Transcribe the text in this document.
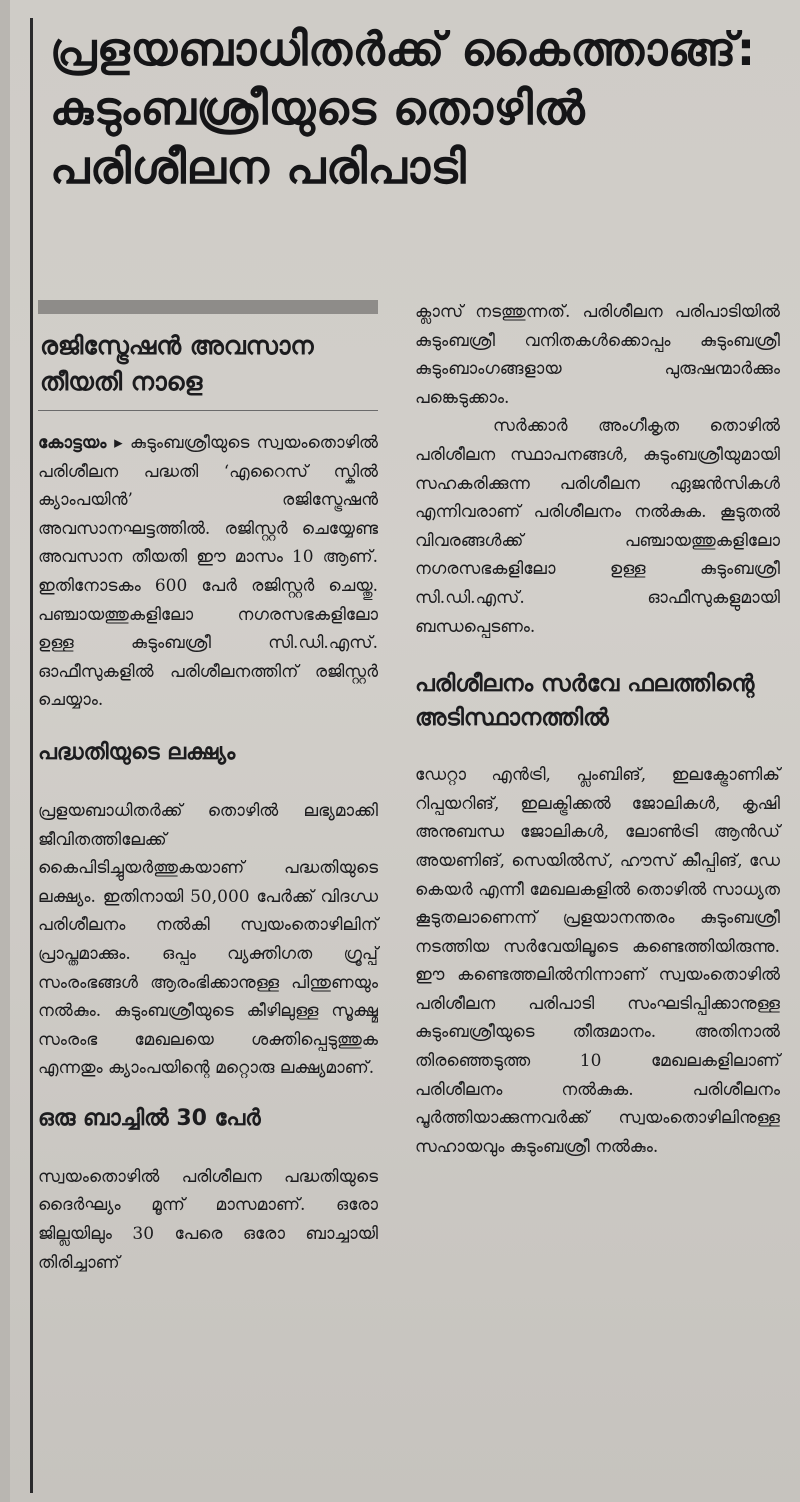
പ്രളയബാധിതർക്ക് കൈത്താങ്ങ്: കുടുംബശ്രീയുടെ തൊഴിൽ പരിശീലന പരിപാടി
രജിസ്ട്രേഷൻ അവസാന തീയതി നാളെ

കോട്ടയം ▸ കുടുംബശ്രീയുടെ സ്വയംതൊഴിൽ പരിശീലന പദ്ധതി ‘എറൈസ് സ്കിൽ ക്യാംപയിൻ’ രജിസ്ട്രേഷൻ അവസാനഘട്ടത്തിൽ. രജിസ്റ്റർ ചെയ്യേണ്ട അവസാന തീയതി ഈ മാസം 10 ആണ്. ഇതിനോടകം 600 പേർ രജിസ്റ്റർ ചെയ്തു. പഞ്ചായത്തുകളിലോ നഗരസഭകളിലോ ഉള്ള കുടുംബശ്രീ സി.ഡി.എസ്. ഓഫീസുകളിൽ പരിശീലനത്തിന് രജിസ്റ്റർ ചെയ്യാം.

പദ്ധതിയുടെ ലക്ഷ്യം

പ്രളയബാധിതർക്ക് തൊഴിൽ ലഭ്യമാക്കി ജീവിതത്തിലേക്ക് കൈപിടിച്ചുയർത്തുകയാണ് പദ്ധതിയുടെ ലക്ഷ്യം. ഇതിനായി 50,000 പേർക്ക് വിദഗ്ധ പരിശീലനം നൽകി സ്വയംതൊഴിലിന് പ്രാപ്തമാക്കും. ഒപ്പം വ്യക്തിഗത ഗ്രൂപ്പ് സംരംഭങ്ങൾ ആരംഭിക്കാനുള്ള പിന്തുണയും നൽകും. കുടുംബശ്രീയുടെ കീഴിലുള്ള സൂക്ഷ്മ സംരംഭ മേഖലയെ ശക്തിപ്പെടുത്തുക എന്നതും ക്യാംപയിന്റെ മറ്റൊരു ലക്ഷ്യമാണ്.

ഒരു ബാച്ചിൽ 30 പേർ

സ്വയംതൊഴിൽ പരിശീലന പദ്ധതിയുടെ ദൈർഘ്യം മൂന്ന് മാസമാണ്. ഒരോ ജില്ലയിലും 30 പേരെ ഒരോ ബാച്ചായി തിരിച്ചാണ്

ക്ലാസ് നടത്തുന്നത്. പരിശീലന പരിപാടിയിൽ കുടുംബശ്രീ വനിതകൾക്കൊപ്പം കുടുംബശ്രീ കുടുംബാംഗങ്ങളായ പുരുഷന്മാർക്കും പങ്കെടുക്കാം.

സർക്കാർ അംഗീകൃത തൊഴിൽ പരിശീലന സ്ഥാപനങ്ങൾ, കുടുംബശ്രീയുമായി സഹകരിക്കുന്ന പരിശീലന ഏജൻസികൾ എന്നിവരാണ് പരിശീലനം നൽകുക. കൂടുതൽ വിവരങ്ങൾക്ക് പഞ്ചായത്തുകളിലോ നഗരസഭകളിലോ ഉള്ള കുടുംബശ്രീ സി.ഡി.എസ്. ഓഫീസുകളുമായി ബന്ധപ്പെടണം.

പരിശീലനം സർവേ ഫലത്തിന്റെ അടിസ്ഥാനത്തിൽ

ഡേറ്റാ എൻട്രി, പ്ലംബിങ്, ഇലക്ട്രോണിക് റിപ്പയറിങ്, ഇലക്ട്രിക്കൽ ജോലികൾ, കൃഷി അനുബന്ധ ജോലികൾ, ലോൺട്രി ആൻഡ് അയണിങ്, സെയിൽസ്, ഹൗസ് കീപ്പിങ്, ഡേ കെയർ എന്നീ മേഖലകളിൽ തൊഴിൽ സാധ്യത കൂടുതലാണെന്ന് പ്രളയാനന്തരം കുടുംബശ്രീ നടത്തിയ സർവേയിലൂടെ കണ്ടെത്തിയിരുന്നു. ഈ കണ്ടെത്തലിൽനിന്നാണ് സ്വയംതൊഴിൽ പരിശീലന പരിപാടി സംഘടിപ്പിക്കാനുള്ള കുടുംബശ്രീയുടെ തീരുമാനം. അതിനാൽ തിരഞ്ഞെടുത്ത 10 മേഖലകളിലാണ് പരിശീലനം നൽകുക. പരിശീലനം പൂർത്തിയാക്കുന്നവർക്ക് സ്വയംതൊഴിലിനുള്ള സഹായവും കുടുംബശ്രീ നൽകും.
